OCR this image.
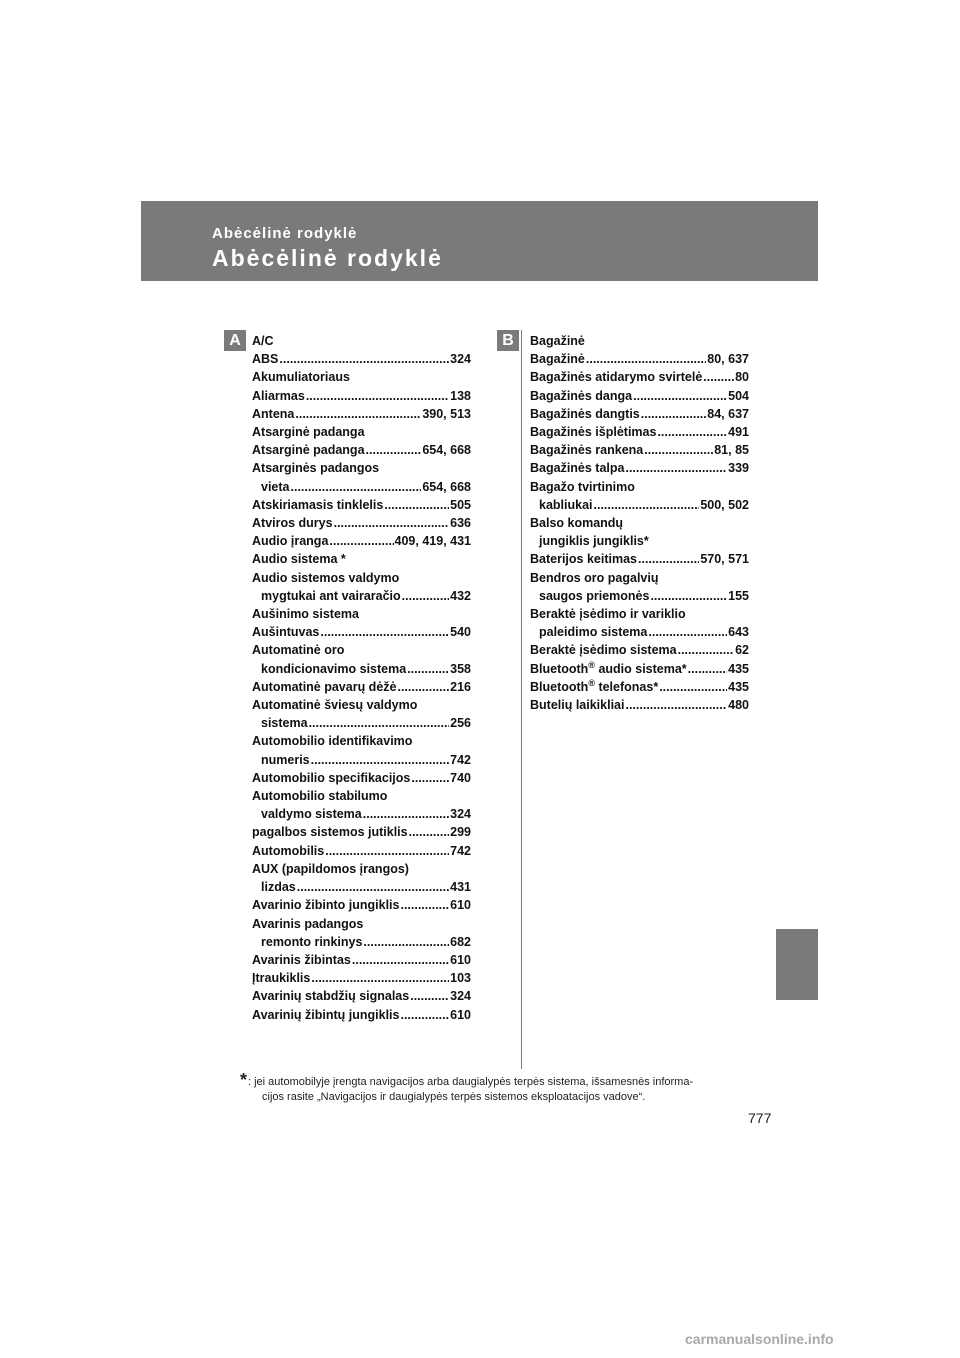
Abėcėlinė rodyklė
Abėcėlinė rodyklė
A	B
A/C
ABS .....	324
Akumuliatoriaus
Aliarmas .....	138
Antena .....	390, 513
Atsarginė padanga
Atsarginė padanga .....	654, 668
Atsarginės padangos
vieta .....	654, 668
Atskiriamasis tinklelis .....	505
Atviros durys .....	636
Audio įranga .....	409, 419, 431
Audio sistema *
Audio sistemos valdymo
mygtukai ant vairaračio .....	432
Aušinimo sistema
Aušintuvas .....	540
Automatinė oro
kondicionavimo sistema .....	358
Automatinė pavarų dėžė .....	216
Automatinė šviesų valdymo
sistema .....	256
Automobilio identifikavimo
numeris .....	742
Automobilio specifikacijos .....	740
Automobilio stabilumo
valdymo sistema .....	324
pagalbos sistemos jutiklis .....	299
Automobilis .....	742
AUX (papildomos įrangos)
lizdas .....	431
Avarinio žibinto jungiklis .....	610
Avarinis padangos
remonto rinkinys .....	682
Avarinis žibintas .....	610
Įtraukiklis .....	103
Avarinių stabdžių signalas .....	324
Avarinių žibintų jungiklis .....	610
Bagažinė
Bagažinė .....	80, 637
Bagažinės atidarymo svirtelė .....	80
Bagažinės danga .....	504
Bagažinės dangtis .....	84, 637
Bagažinės išplėtimas .....	491
Bagažinės rankena .....	81, 85
Bagažinės talpa .....	339
Bagažo tvirtinimo
kabliukai .....	500, 502
Balso komandų
jungiklis jungiklis*
Baterijos keitimas .....	570, 571
Bendros oro pagalvių
saugos priemonės .....	155
Beraktė įsėdimo ir variklio
paleidimo sistema .....	643
Beraktė įsėdimo sistema .....	62
Bluetooth® audio sistema* .....	435
Bluetooth® telefonas* .....	435
Butelių laikikliai .....	480
* : jei automobilyje įrengta navigacijos arba daugialypės terpės sistema, išsamesnės informa-
cijos rasite „Navigacijos ir daugialypės terpės sistemos eksploatacijos vadove“.
777
carmanualsonline.info
